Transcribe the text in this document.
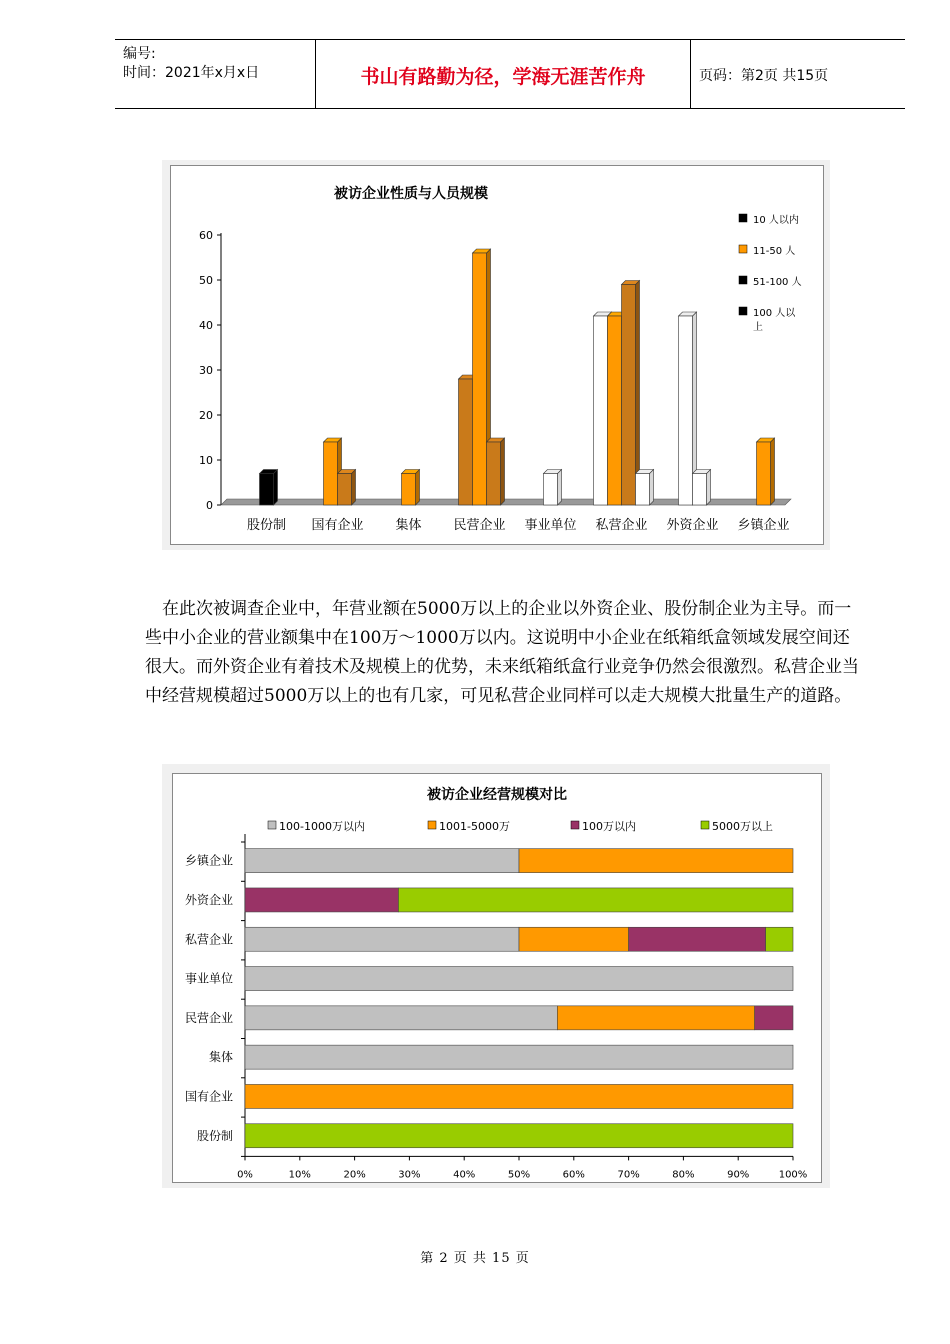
编号:
时间：2021年x月x日	书山有路勤为径，学海无涯苦作舟	页码：第2页 共15页
被访企业性质与人员规模
0
10
20
30
40
50
60
股份制 国有企业 集体 民营企业 事业单位 私营企业 外资企业 乡镇企业
10 人以内
11-50 人
51-100 人
100 人以
上
在此次被调查企业中，年营业额在5000万以上的企业以外资企业、股份制企业为主导。而一些中小企业的营业额集中在100万～1000万以内。这说明中小企业在纸箱纸盒领域发展空间还很大。而外资企业有着技术及规模上的优势，未来纸箱纸盒行业竞争仍然会很激烈。私营企业当中经营规模超过5000万以上的也有几家，可见私营企业同样可以走大规模大批量生产的道路。
被访企业经营规模对比
100-1000万以内	1001-5000万	100万以内	5000万以上
0%	10%	20%	30%	40%	50%	60%	70%	80%	90%	100%
乡镇企业
外资企业
私营企业
事业单位
民营企业
集体
国有企业
股份制
第 2 页 共 15 页
